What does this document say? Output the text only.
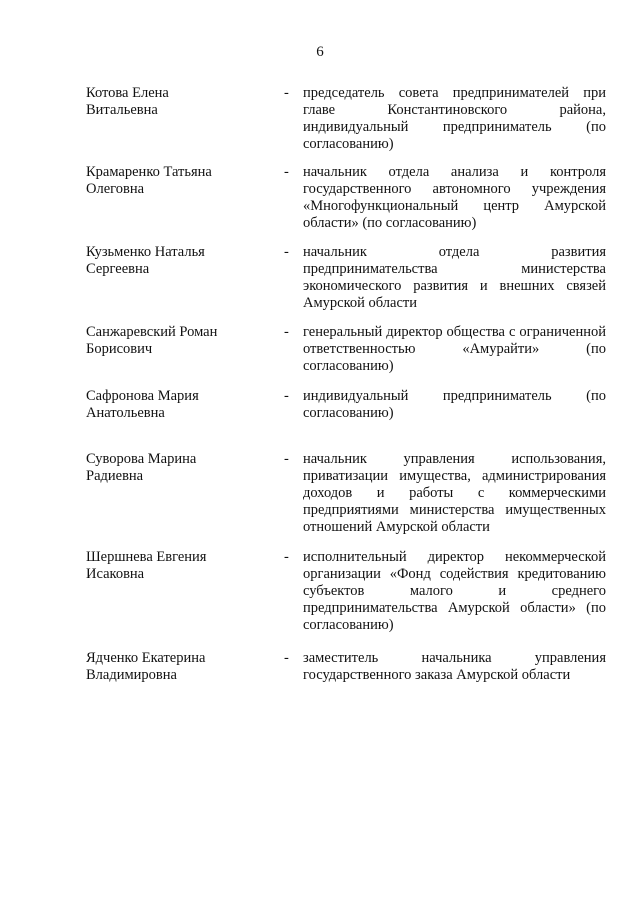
6
Котова Елена
Витальевна
- председатель совета предпринимателей при главе Константиновского района, индивидуальный предприниматель (по согласованию)
Крамаренко Татьяна
Олеговна
- начальник отдела анализа и контроля государственного автономного учреждения «Многофункциональный центр Амурской области» (по согласованию)
Кузьменко Наталья
Сергеевна
- начальник отдела развития предпринимательства министерства экономического развития и внешних связей Амурской области
Санжаревский Роман
Борисович
- генеральный директор общества с ограниченной ответственностью «Амурайти» (по согласованию)
Сафронова Мария
Анатольевна
- индивидуальный предприниматель (по согласованию)
Суворова Марина
Радиевна
- начальник управления использования, приватизации имущества, администрирования доходов и работы с коммерческими предприятиями министерства имущественных отношений Амурской области
Шершнева Евгения
Исаковна
- исполнительный директор некоммерческой организации «Фонд содействия кредитованию субъектов малого и среднего предпринимательства Амурской области» (по согласованию)
Ядченко Екатерина
Владимировна
- заместитель начальника управления государственного заказа Амурской области
